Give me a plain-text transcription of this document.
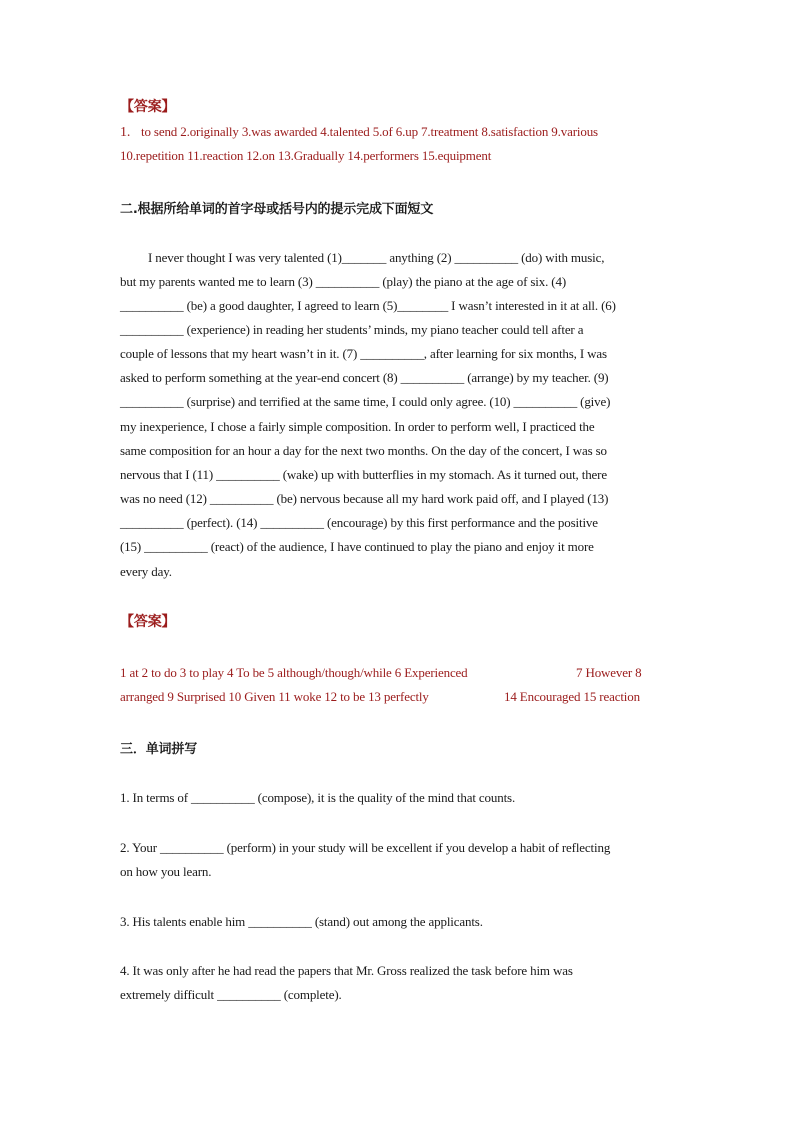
【答案】
1. to send 2.originally 3.was awarded 4.talented 5.of 6.up 7.treatment 8.satisfaction 9.various
10.repetition 11.reaction 12.on 13.Gradually 14.performers 15.equipment
二.根据所给单词的首字母或括号内的提示完成下面短文
I never thought I was very talented (1)_______ anything (2) __________ (do) with music,
but my parents wanted me to learn (3) __________ (play) the piano at the age of six. (4)
__________ (be) a good daughter, I agreed to learn (5)________ I wasn’t interested in it at all. (6)
__________ (experience) in reading her students’ minds, my piano teacher could tell after a
couple of lessons that my heart wasn’t in it. (7) __________, after learning for six months, I was
asked to perform something at the year-end concert (8) __________ (arrange) by my teacher. (9)
__________ (surprise) and terrified at the same time, I could only agree. (10) __________ (give)
my inexperience, I chose a fairly simple composition. In order to perform well, I practiced the
same composition for an hour a day for the next two months. On the day of the concert, I was so
nervous that I (11) __________ (wake) up with butterflies in my stomach. As it turned out, there
was no need (12) __________ (be) nervous because all my hard work paid off, and I played (13)
__________ (perfect). (14) __________ (encourage) by this first performance and the positive
(15) __________ (react) of the audience, I have continued to play the piano and enjoy it more
every day.
【答案】
1 at 2 to do 3 to play 4 To be 5 although/though/while 6 Experienced	7 However 8
arranged 9 Surprised 10 Given 11 woke 12 to be 13 perfectly	14 Encouraged 15 reaction
三．单词拼写
1. In terms of __________ (compose), it is the quality of the mind that counts.
2. Your __________ (perform) in your study will be excellent if you develop a habit of reflecting
on how you learn.
3. His talents enable him __________ (stand) out among the applicants.
4. It was only after he had read the papers that Mr. Gross realized the task before him was
extremely difficult __________ (complete).
